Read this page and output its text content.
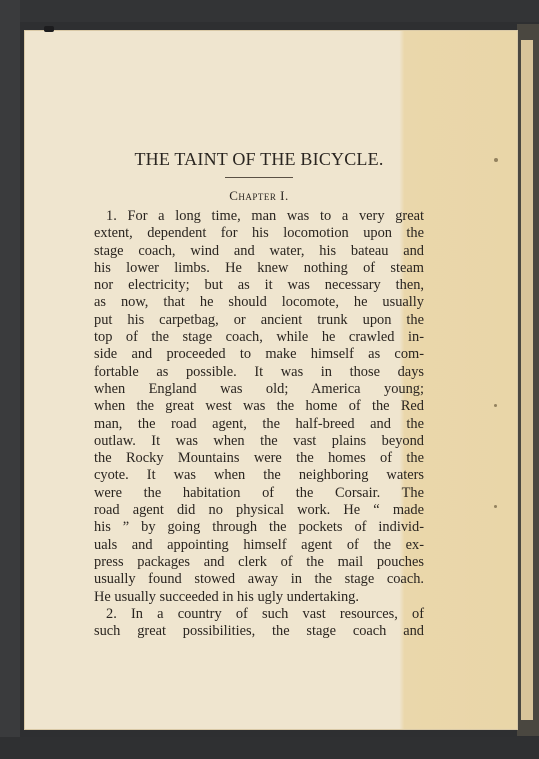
THE TAINT OF THE BICYCLE.
Chapter I.
1. For a long time, man was to a very great
extent, dependent for his locomotion upon the
stage coach, wind and water, his bateau and
his lower limbs. He knew nothing of steam
nor electricity; but as it was necessary then,
as now, that he should locomote, he usually
put his carpetbag, or ancient trunk upon the
top of the stage coach, while he crawled in-
side and proceeded to make himself as com-
fortable as possible. It was in those days
when England was old; America young;
when the great west was the home of the Red
man, the road agent, the half-breed and the
outlaw. It was when the vast plains beyond
the Rocky Mountains were the homes of the
cyote. It was when the neighboring waters
were the habitation of the Corsair. The
road agent did no physical work. He “ made
his ” by going through the pockets of individ-
uals and appointing himself agent of the ex-
press packages and clerk of the mail pouches
usually found stowed away in the stage coach.
He usually succeeded in his ugly undertaking.
2. In a country of such vast resources, of
such great possibilities, the stage coach and
